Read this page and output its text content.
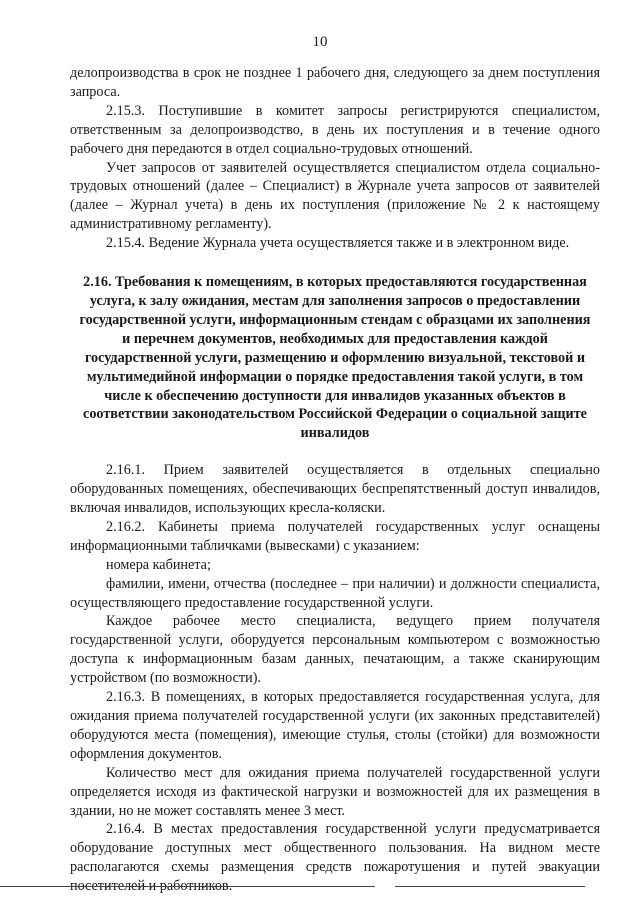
10

делопроизводства в срок не позднее 1 рабочего дня, следующего за днем поступления запроса.

2.15.3. Поступившие в комитет запросы регистрируются специалистом, ответственным за делопроизводство, в день их поступления и в течение одного рабочего дня передаются в отдел социально-трудовых отношений.

Учет запросов от заявителей осуществляется специалистом отдела социально-трудовых отношений (далее – Специалист) в Журнале учета запросов от заявителей (далее – Журнал учета) в день их поступления (приложение № 2 к настоящему административному регламенту).

2.15.4. Ведение Журнала учета осуществляется также и в электронном виде.

2.16. Требования к помещениям, в которых предоставляются государственная услуга, к залу ожидания, местам для заполнения запросов о предоставлении государственной услуги, информационным стендам с образцами их заполнения и перечнем документов, необходимых для предоставления каждой государственной услуги, размещению и оформлению визуальной, текстовой и мультимедийной информации о порядке предоставления такой услуги, в том числе к обеспечению доступности для инвалидов указанных объектов в соответствии законодательством Российской Федерации о социальной защите инвалидов

2.16.1. Прием заявителей осуществляется в отдельных специально оборудованных помещениях, обеспечивающих беспрепятственный доступ инвалидов, включая инвалидов, использующих кресла-коляски.

2.16.2. Кабинеты приема получателей государственных услуг оснащены информационными табличками (вывесками) с указанием:

номера кабинета;

фамилии, имени, отчества (последнее – при наличии) и должности специалиста, осуществляющего предоставление государственной услуги.

Каждое рабочее место специалиста, ведущего прием получателя государственной услуги, оборудуется персональным компьютером с возможностью доступа к информационным базам данных, печатающим, а также сканирующим устройством (по возможности).

2.16.3. В помещениях, в которых предоставляется государственная услуга, для ожидания приема получателей государственной услуги (их законных представителей) оборудуются места (помещения), имеющие стулья, столы (стойки) для возможности оформления документов.

Количество мест для ожидания приема получателей государственной услуги определяется исходя из фактической нагрузки и возможностей для их размещения в здании, но не может составлять менее 3 мест.

2.16.4. В местах предоставления государственной услуги предусматривается оборудование доступных мест общественного пользования. На видном месте располагаются схемы размещения средств пожаротушения и путей эвакуации посетителей и работников.
